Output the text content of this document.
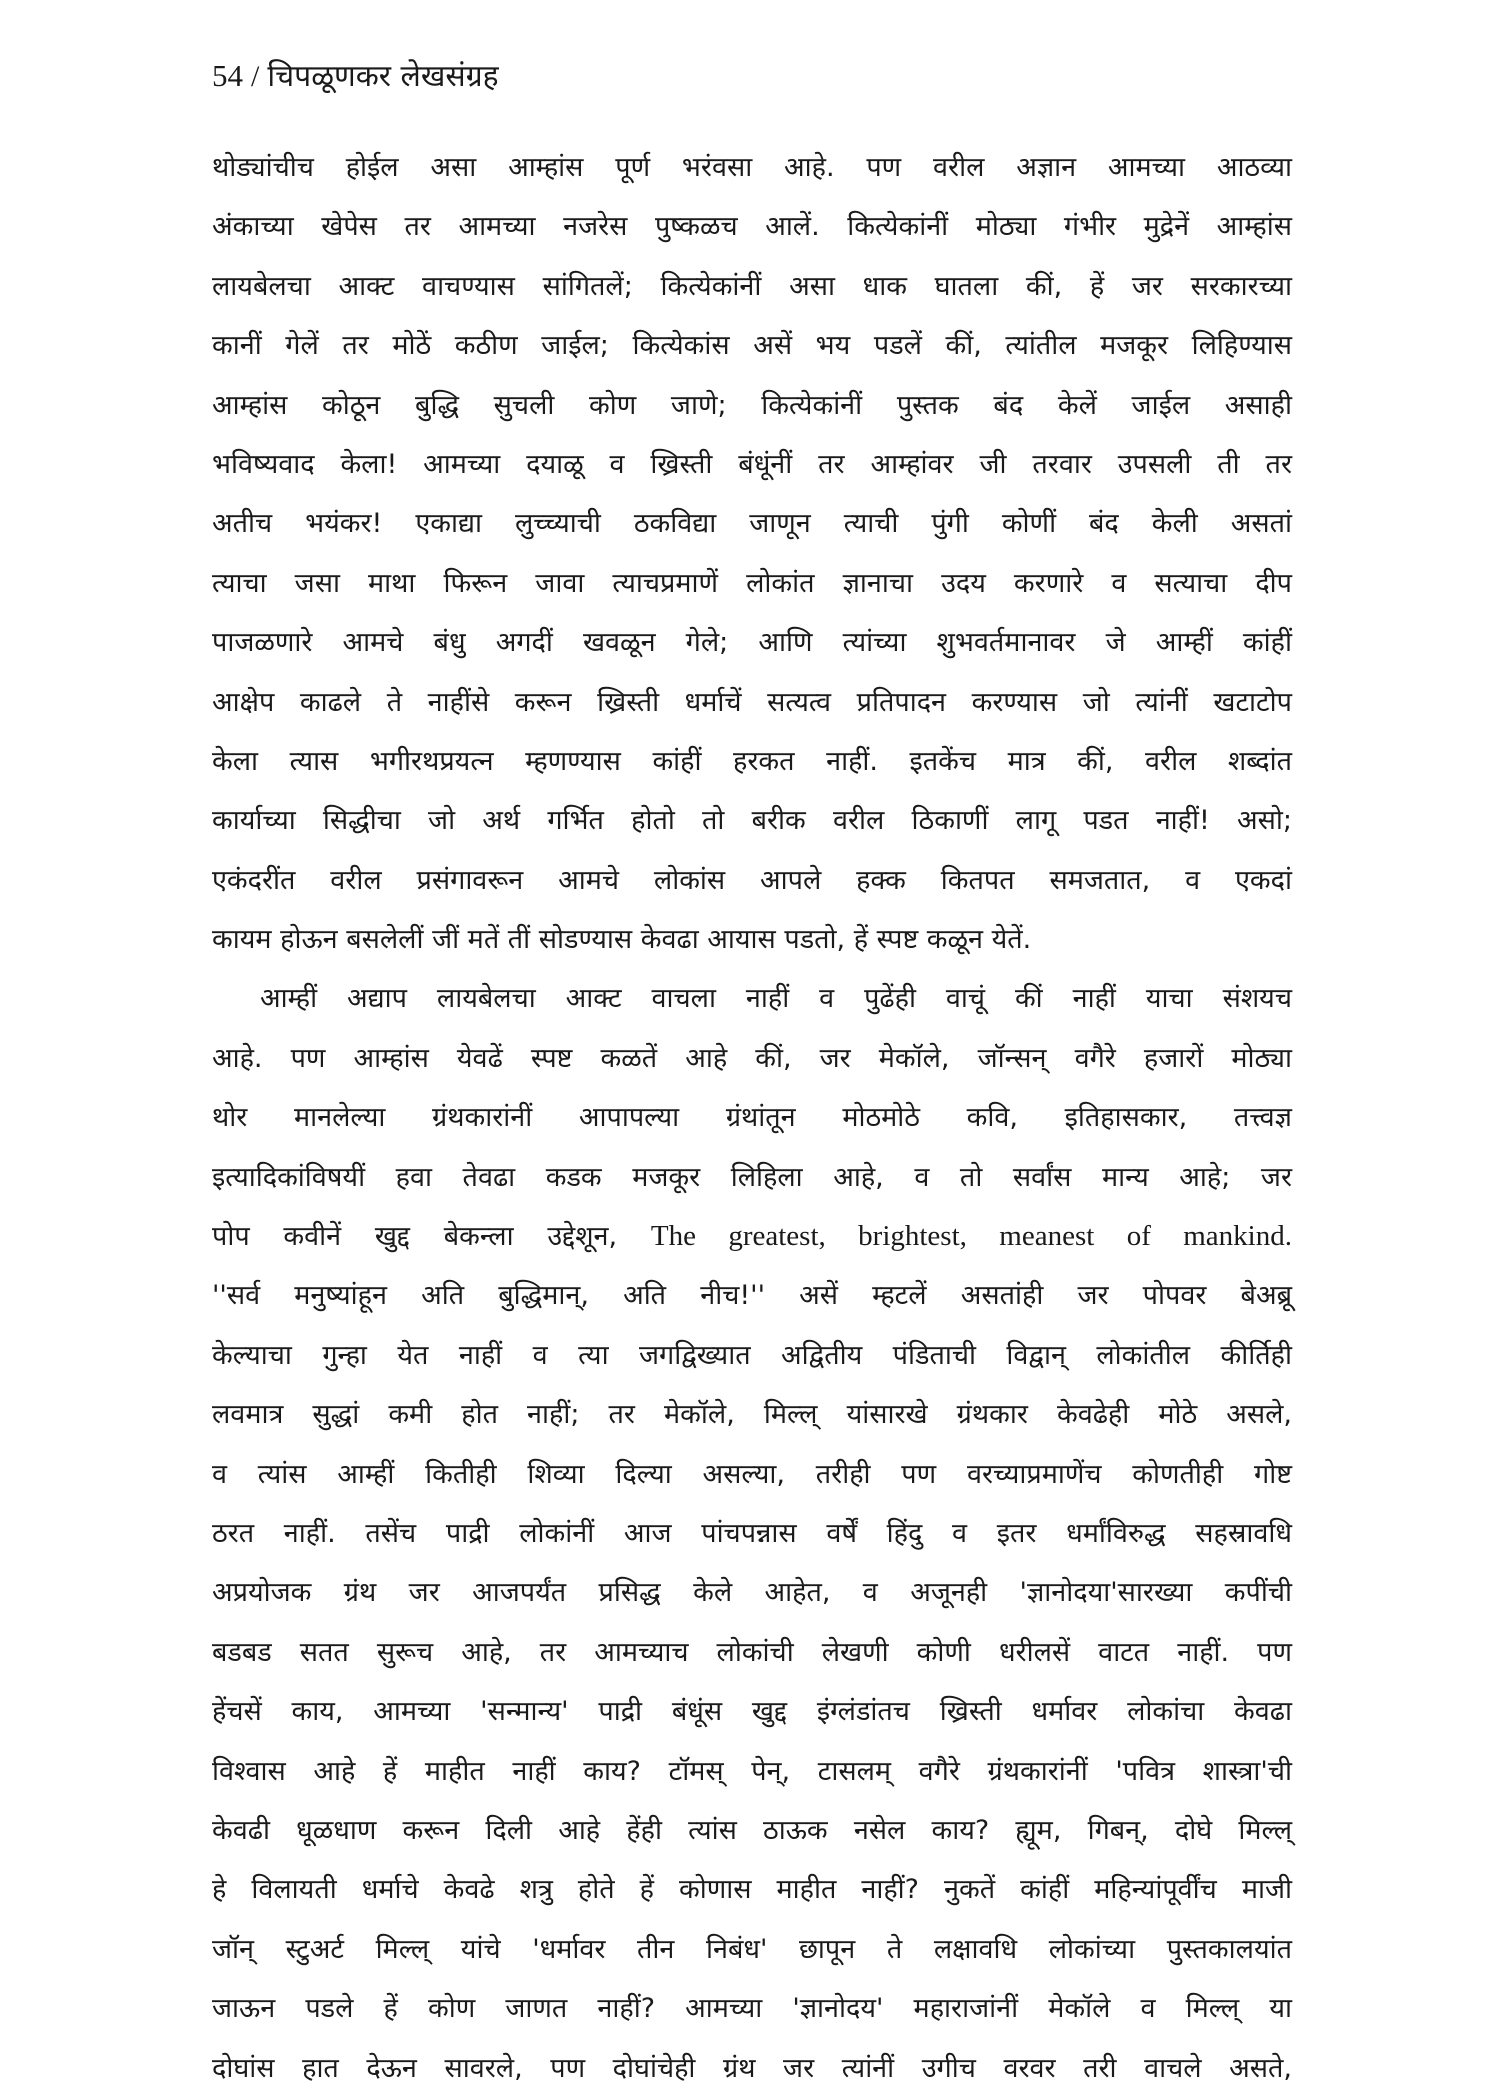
54 / चिपळूणकर लेखसंग्रह
थोड्यांचीच होईल असा आम्हांस पूर्ण भरंवसा आहे. पण वरील अज्ञान आमच्या आठव्या
अंकाच्या खेपेस तर आमच्या नजरेस पुष्कळच आलें. कित्येकांनीं मोठ्या गंभीर मुद्रेनें आम्हांस
लायबेलचा आक्ट वाचण्यास सांगितलें; कित्येकांनीं असा धाक घातला कीं, हें जर सरकारच्या
कानीं गेलें तर मोठें कठीण जाईल; कित्येकांस असें भय पडलें कीं, त्यांतील मजकूर लिहिण्यास
आम्हांस कोठून बुद्धि सुचली कोण जाणे; कित्येकांनीं पुस्तक बंद केलें जाईल असाही
भविष्यवाद केला! आमच्या दयाळू व ख्रिस्ती बंधूंनीं तर आम्हांवर जी तरवार उपसली ती तर
अतीच भयंकर! एकाद्या लुच्च्याची ठकविद्या जाणून त्याची पुंगी कोणीं बंद केली असतां
त्याचा जसा माथा फिरून जावा त्याचप्रमाणें लोकांत ज्ञानाचा उदय करणारे व सत्याचा दीप
पाजळणारे आमचे बंधु अगदीं खवळून गेले; आणि त्यांच्या शुभवर्तमानावर जे आम्हीं कांहीं
आक्षेप काढले ते नाहींसे करून ख्रिस्ती धर्माचें सत्यत्व प्रतिपादन करण्यास जो त्यांनीं खटाटोप
केला त्यास भगीरथप्रयत्न म्हणण्यास कांहीं हरकत नाहीं. इतकेंच मात्र कीं, वरील शब्दांत
कार्याच्या सिद्धीचा जो अर्थ गर्भित होतो तो बरीक वरील ठिकाणीं लागू पडत नाहीं! असो;
एकंदरींत वरील प्रसंगावरून आमचे लोकांस आपले हक्क कितपत समजतात, व एकदां
कायम होऊन बसलेलीं जीं मतें तीं सोडण्यास केवढा आयास पडतो, हें स्पष्ट कळून येतें.
आम्हीं अद्याप लायबेलचा आक्ट वाचला नाहीं व पुढेंही वाचूं कीं नाहीं याचा संशयच
आहे. पण आम्हांस येवढें स्पष्ट कळतें आहे कीं, जर मेकॉले, जॉन्सन् वगैरे हजारों मोठ्या
थोर मानलेल्या ग्रंथकारांनीं आपापल्या ग्रंथांतून मोठमोठे कवि, इतिहासकार, तत्त्वज्ञ
इत्यादिकांविषयीं हवा तेवढा कडक मजकूर लिहिला आहे, व तो सर्वांस मान्य आहे; जर
पोप कवीनें खुद्द बेकन्ला उद्देशून, The greatest, brightest, meanest of mankind.
''सर्व मनुष्यांहून अति बुद्धिमान्, अति नीच!'' असें म्हटलें असतांही जर पोपवर बेअब्रू
केल्याचा गुन्हा येत नाहीं व त्या जगद्विख्यात अद्वितीय पंडिताची विद्वान् लोकांतील कीर्तिही
लवमात्र सुद्धां कमी होत नाहीं; तर मेकॉले, मिल्ल् यांसारखे ग्रंथकार केवढेही मोठे असले,
व त्यांस आम्हीं कितीही शिव्या दिल्या असल्या, तरीही पण वरच्याप्रमाणेंच कोणतीही गोष्ट
ठरत नाहीं. तसेंच पाद्री लोकांनीं आज पांचपन्नास वर्षें हिंदु व इतर धर्मांविरुद्ध सहस्रावधि
अप्रयोजक ग्रंथ जर आजपर्यंत प्रसिद्ध केले आहेत, व अजूनही 'ज्ञानोदया'सारख्या कपींची
बडबड सतत सुरूच आहे, तर आमच्याच लोकांची लेखणी कोणी धरीलसें वाटत नाहीं. पण
हेंचसें काय, आमच्या 'सन्मान्य' पाद्री बंधूंस खुद्द इंग्लंडांतच ख्रिस्ती धर्मावर लोकांचा केवढा
विश्वास आहे हें माहीत नाहीं काय? टॉमस् पेन्, टासलम् वगैरे ग्रंथकारांनीं 'पवित्र शास्त्रा'ची
केवढी धूळधाण करून दिली आहे हेंही त्यांस ठाऊक नसेल काय? ह्यूम, गिबन्, दोघे मिल्ल्
हे विलायती धर्माचे केवढे शत्रु होते हें कोणास माहीत नाहीं? नुकतें कांहीं महिन्यांपूर्वींच माजी
जॉन् स्टुअर्ट मिल्ल् यांचे 'धर्मावर तीन निबंध' छापून ते लक्षावधि लोकांच्या पुस्तकालयांत
जाऊन पडले हें कोण जाणत नाहीं? आमच्या 'ज्ञानोदय' महाराजांनीं मेकॉले व मिल्ल् या
दोघांस हात देऊन सावरले, पण दोघांचेही ग्रंथ जर त्यांनीं उगीच वरवर तरी वाचले असते,
